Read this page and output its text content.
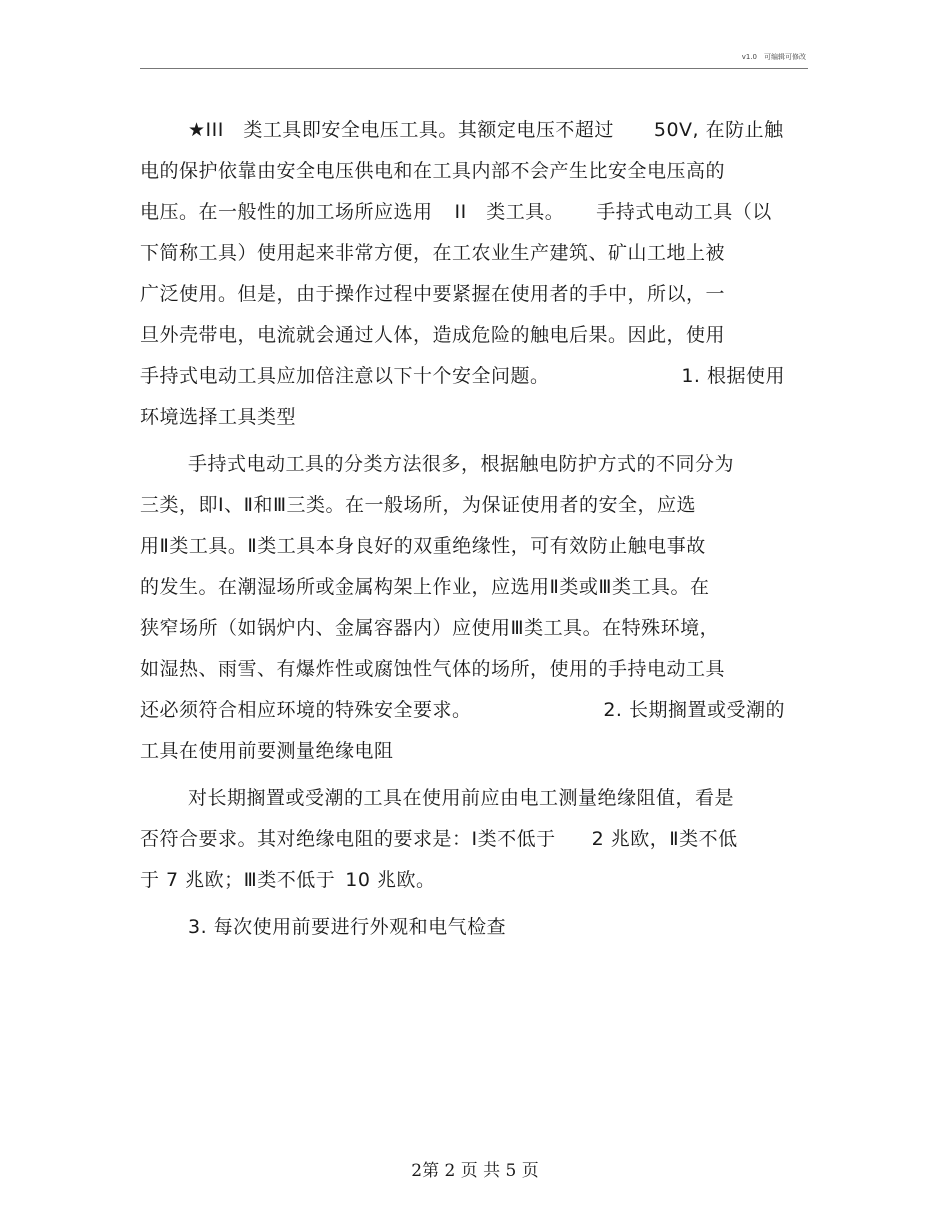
v1.0　可编辑可修改
★III　类工具即安全电压工具。其额定电压不超过 50V, 在防止触
电的保护依靠由安全电压供电和在工具内部不会产生比安全电压高的
电压。在一般性的加工场所应选用 II　类工具。 手持式电动工具（以
下简称工具）使用起来非常方便，在工农业生产建筑、矿山工地上被
广泛使用。但是，由于操作过程中要紧握在使用者的手中，所以，一
旦外壳带电，电流就会通过人体，造成危险的触电后果。因此，使用
手持式电动工具应加倍注意以下十个安全问题。	1. 根据使用
环境选择工具类型
手持式电动工具的分类方法很多，根据触电防护方式的不同分为
三类，即Ⅰ、Ⅱ和Ⅲ三类。在一般场所，为保证使用者的安全，应选
用Ⅱ类工具。Ⅱ类工具本身良好的双重绝缘性，可有效防止触电事故
的发生。在潮湿场所或金属构架上作业，应选用Ⅱ类或Ⅲ类工具。在
狭窄场所（如锅炉内、金属容器内）应使用Ⅲ类工具。在特殊环境，
如湿热、雨雪、有爆炸性或腐蚀性气体的场所，使用的手持电动工具
还必须符合相应环境的特殊安全要求。	2. 长期搁置或受潮的
工具在使用前要测量绝缘电阻
对长期搁置或受潮的工具在使用前应由电工测量绝缘阻值，看是
否符合要求。其对绝缘电阻的要求是：Ⅰ类不低于 2 兆欧，Ⅱ类不低
于 7 兆欧；Ⅲ类不低于 10 兆欧。
3. 每次使用前要进行外观和电气检查
2第 2 页 共 5 页
